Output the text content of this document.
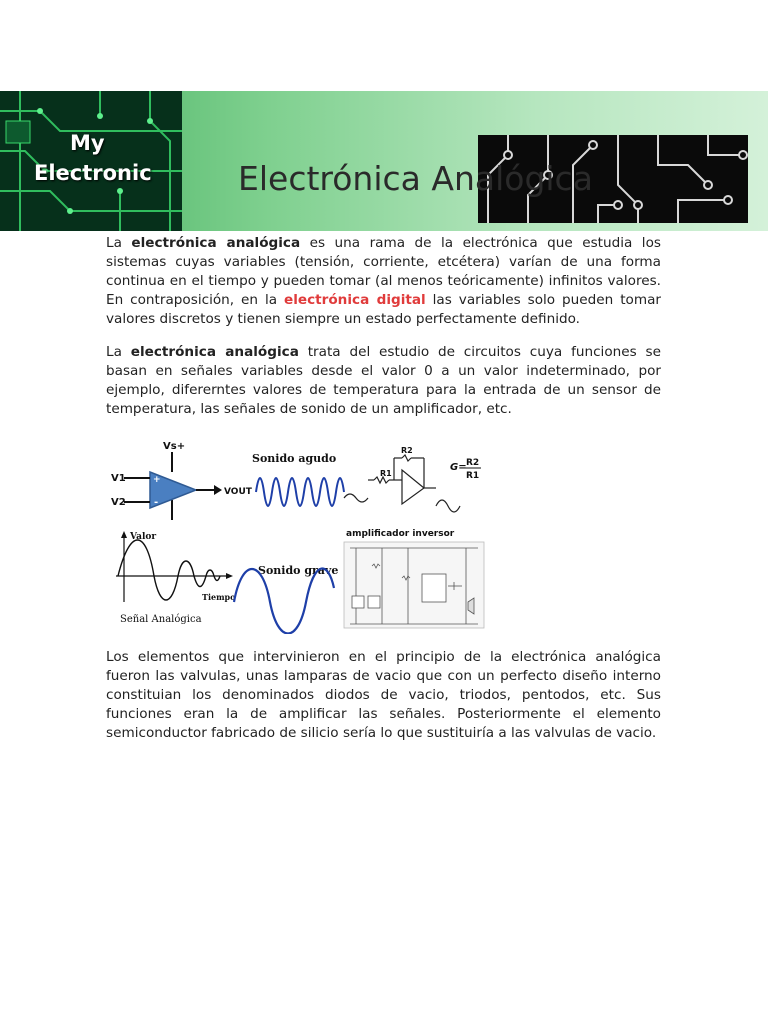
My
Electronic	Electrónica Analógica

La electrónica analógica es una rama de la electrónica que estudia los sistemas cuyas variables (tensión, corriente, etcétera) varían de una forma continua en el tiempo y pueden tomar (al menos teóricamente) infinitos valores. En contraposición, en la electrónica digital las variables solo pueden tomar valores discretos y tienen siempre un estado perfectamente definido.

La electrónica analógica trata del estudio de circuitos cuya funciones se basan en señales variables desde el valor 0 a un valor indeterminado, por ejemplo, difererntes valores de temperatura para la entrada de un sensor de temperatura, las señales de sonido de un amplificador, etc.

Vs+
V1
V2
VOUT
+
-
Sonido agudo
R1
R2
G= R2
R1
Valor
Tiempo
Señal Analógica
Sonido grave
amplificador inversor

Los elementos que intervinieron en el principio de la electrónica analógica fueron las valvulas, unas lamparas de vacio que con un perfecto diseño interno constituian los denominados diodos de vacio, triodos, pentodos, etc. Sus funciones eran la de amplificar las señales. Posteriormente el elemento semiconductor fabricado de silicio sería lo que sustituiría a las valvulas de vacio.
